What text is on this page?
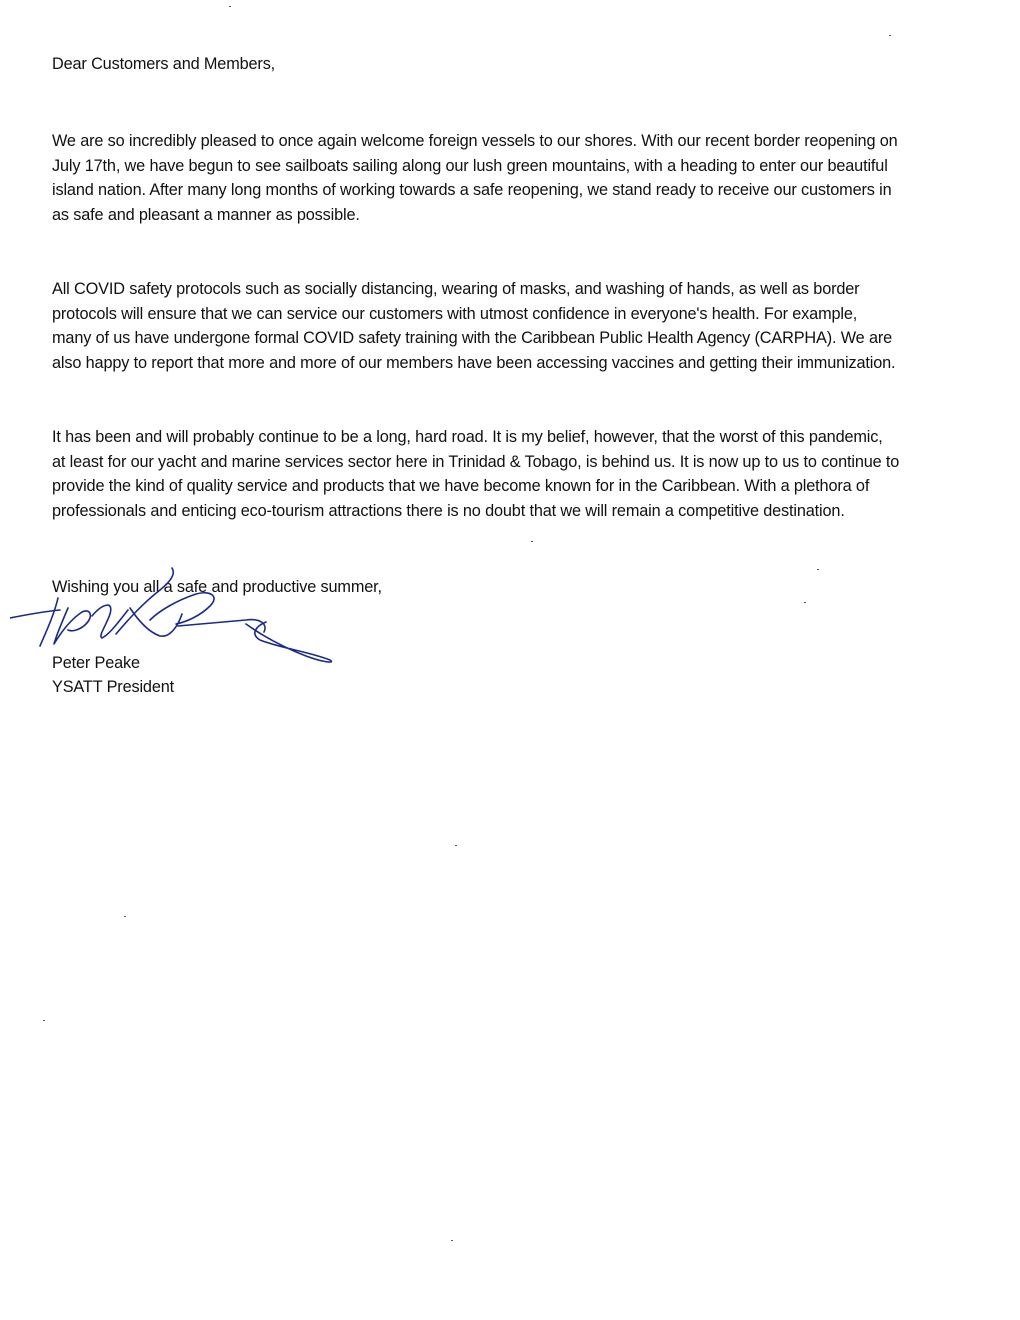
Dear Customers and Members,
We are so incredibly pleased to once again welcome foreign vessels to our shores. With our recent border reopening on
July 17th, we have begun to see sailboats sailing along our lush green mountains, with a heading to enter our beautiful
island nation. After many long months of working towards a safe reopening, we stand ready to receive our customers in
as safe and pleasant a manner as possible.
All COVID safety protocols such as socially distancing, wearing of masks, and washing of hands, as well as border
protocols will ensure that we can service our customers with utmost confidence in everyone's health. For example,
many of us have undergone formal COVID safety training with the Caribbean Public Health Agency (CARPHA). We are
also happy to report that more and more of our members have been accessing vaccines and getting their immunization.
It has been and will probably continue to be a long, hard road. It is my belief, however, that the worst of this pandemic,
at least for our yacht and marine services sector here in Trinidad & Tobago, is behind us. It is now up to us to continue to
provide the kind of quality service and products that we have become known for in the Caribbean. With a plethora of
professionals and enticing eco-tourism attractions there is no doubt that we will remain a competitive destination.
Wishing you all a safe and productive summer,
Peter Peake
YSATT President
